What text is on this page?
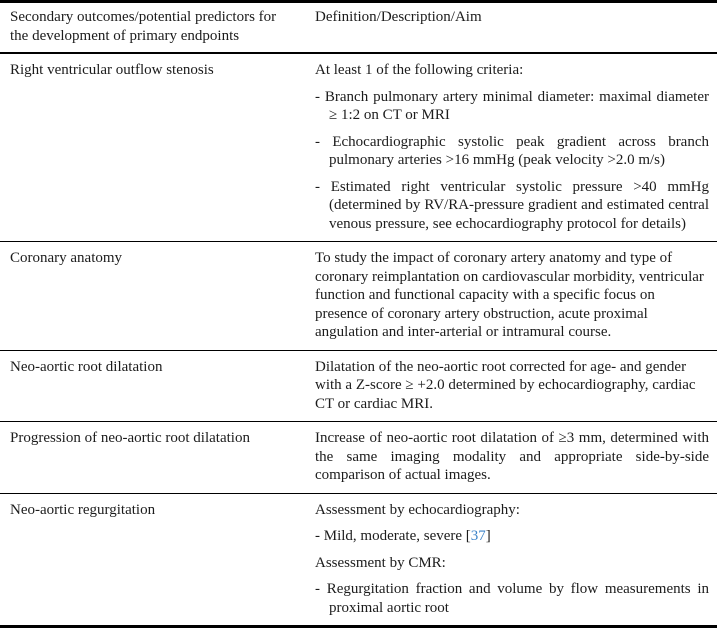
Secondary outcomes/potential predictors for the development of primary endpoints	Definition/Description/Aim
Right ventricular outflow stenosis	At least 1 of the following criteria:

- Branch pulmonary artery minimal diameter: maximal diameter ≥ 1:2 on CT or MRI

- Echocardiographic systolic peak gradient across branch pulmonary arteries >16 mmHg (peak velocity >2.0 m/s)

- Estimated right ventricular systolic pressure >40 mmHg (determined by RV/RA-pressure gradient and estimated central venous pressure, see echocardiography protocol for details)

Coronary anatomy	To study the impact of coronary artery anatomy and type of coronary reimplantation on cardiovascular morbidity, ventricular function and functional capacity with a specific focus on presence of coronary artery obstruction, acute proximal angulation and inter-arterial or intramural course.

Neo-aortic root dilatation	Dilatation of the neo-aortic root corrected for age- and gender with a Z-score ≥ +2.0 determined by echocardiography, cardiac CT or cardiac MRI.

Progression of neo-aortic root dilatation	Increase of neo-aortic root dilatation of ≥3 mm, determined with the same imaging modality and appropriate side-by-side comparison of actual images.

Neo-aortic regurgitation	Assessment by echocardiography:

- Mild, moderate, severe [37]

Assessment by CMR:

- Regurgitation fraction and volume by flow measurements in proximal aortic root
